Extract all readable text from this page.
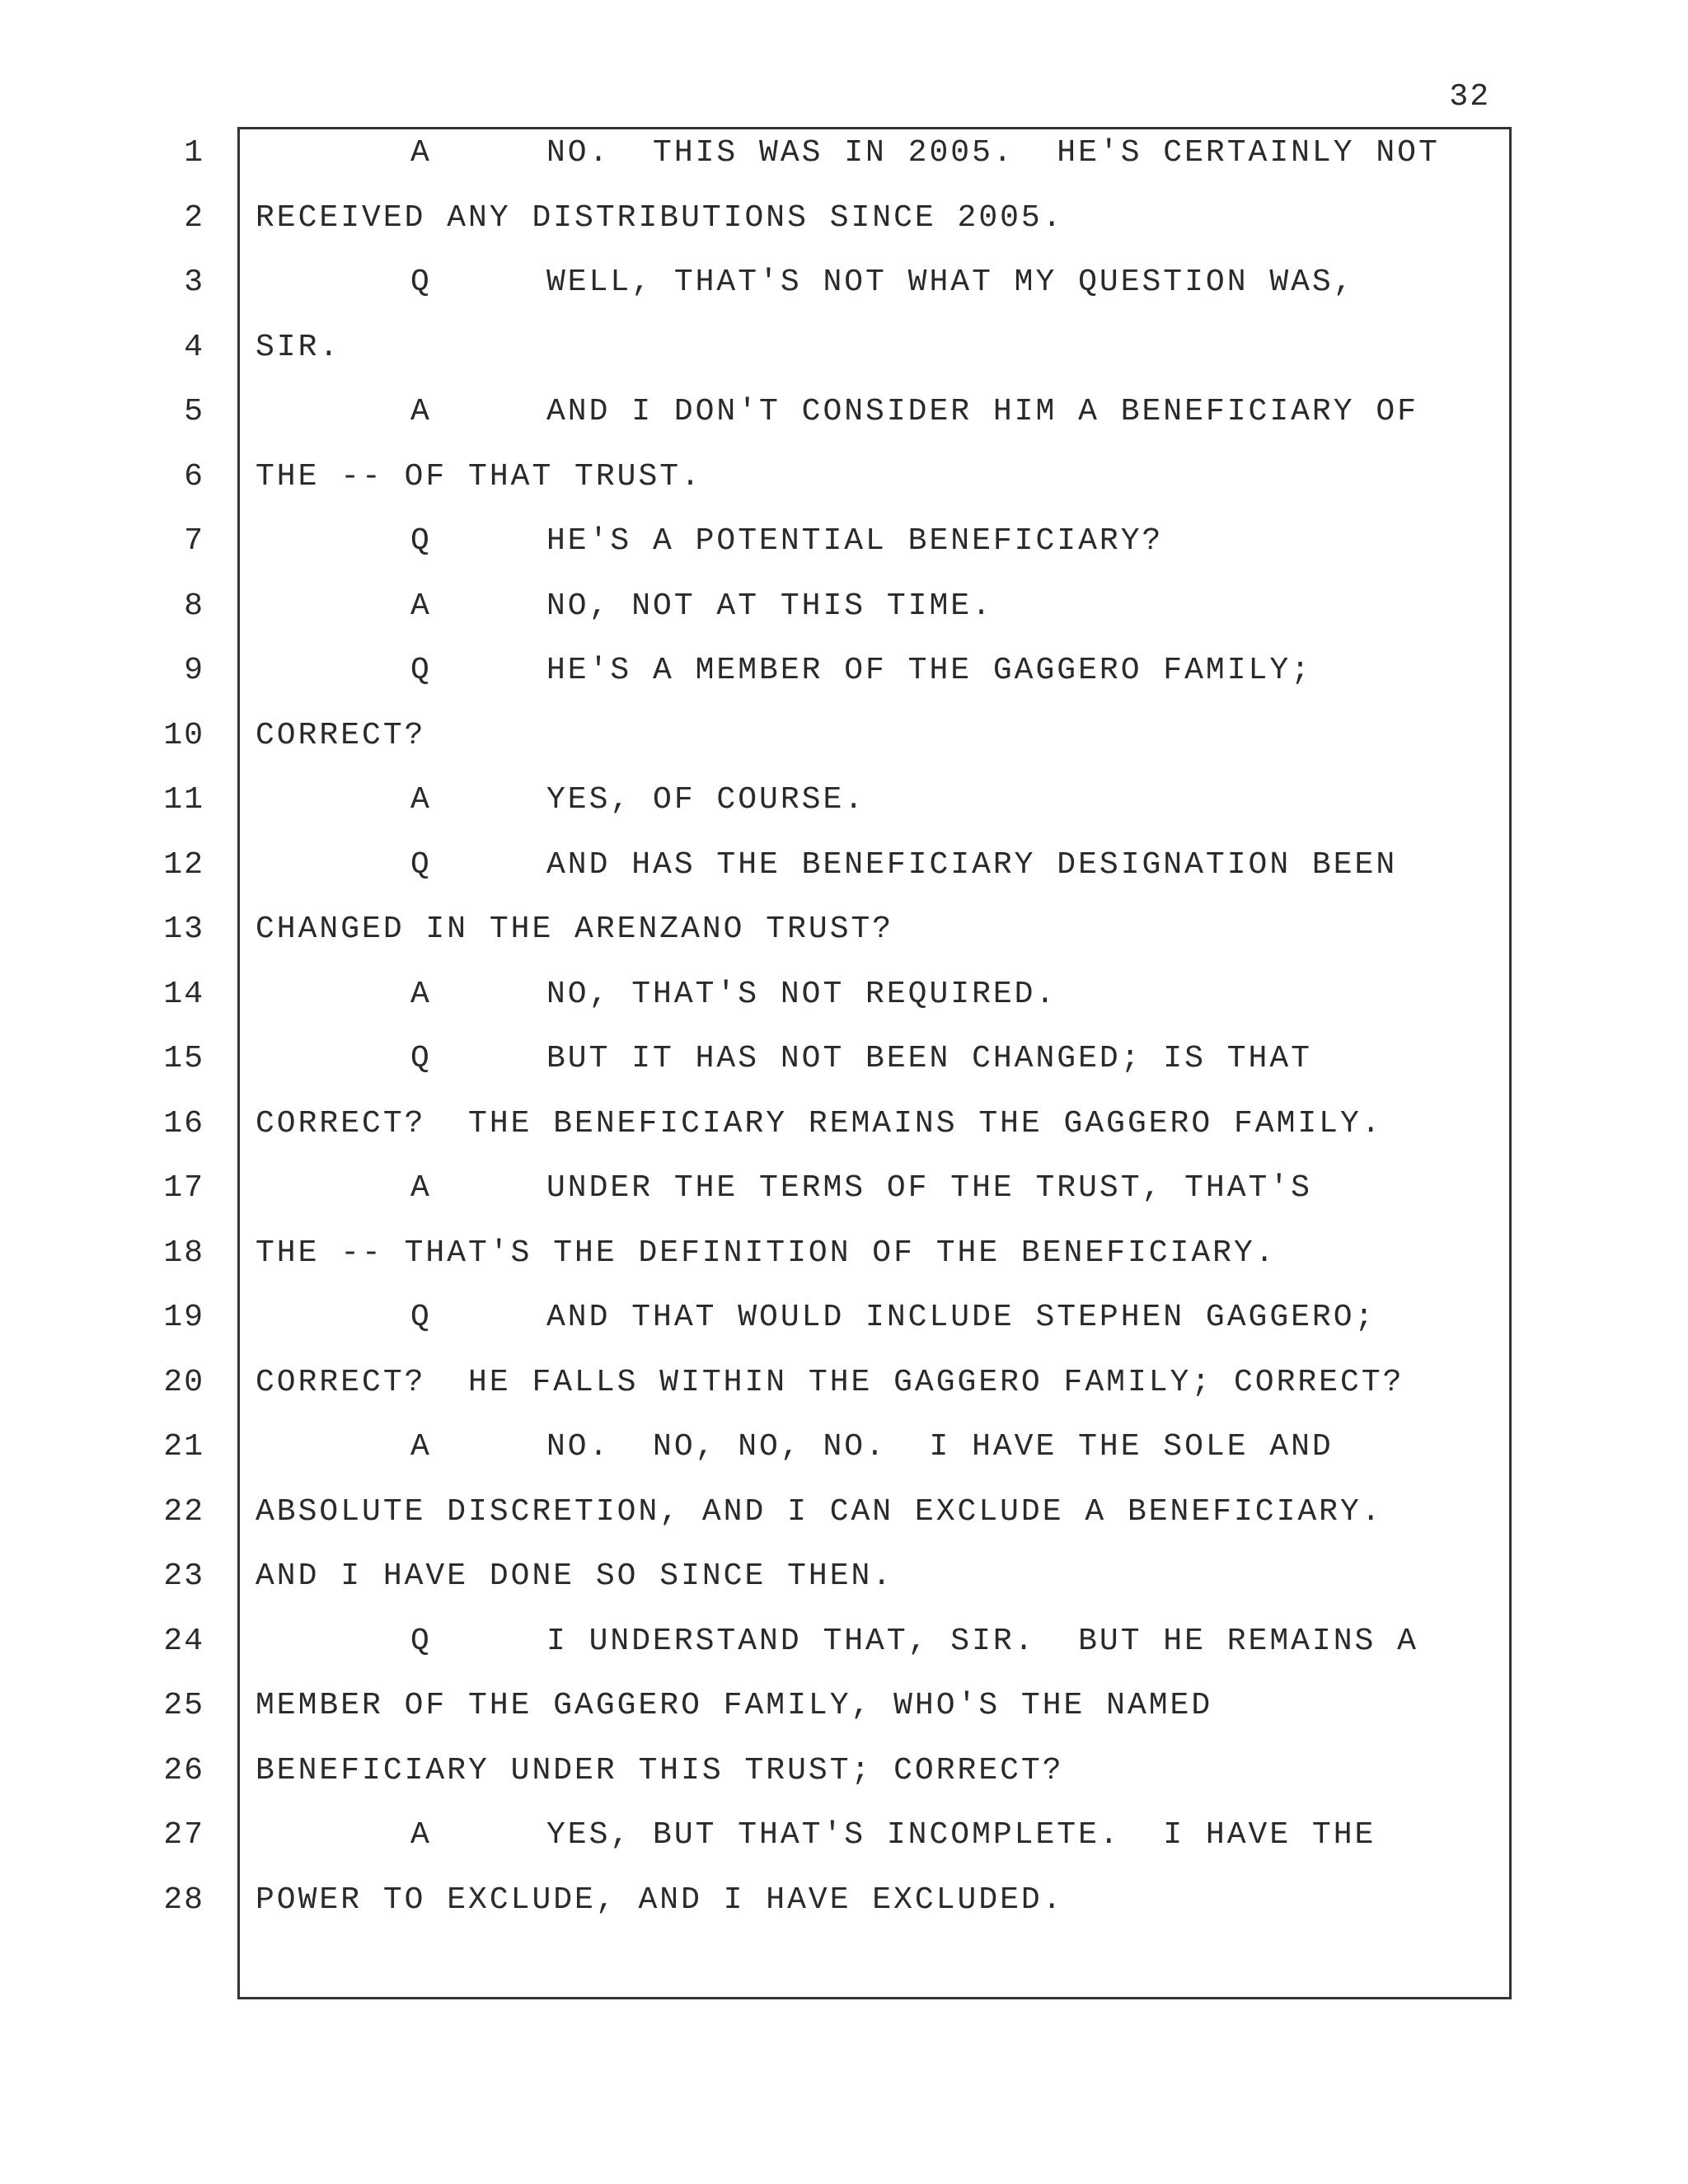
32
1	A	NO.  THIS WAS IN 2005.  HE'S CERTAINLY NOT
2 RECEIVED ANY DISTRIBUTIONS SINCE 2005.
3	Q	WELL, THAT'S NOT WHAT MY QUESTION WAS,
4 SIR.
5	A	AND I DON'T CONSIDER HIM A BENEFICIARY OF
6 THE -- OF THAT TRUST.
7	Q	HE'S A POTENTIAL BENEFICIARY?
8	A	NO, NOT AT THIS TIME.
9	Q	HE'S A MEMBER OF THE GAGGERO FAMILY;
10 CORRECT?
11	A	YES, OF COURSE.
12	Q	AND HAS THE BENEFICIARY DESIGNATION BEEN
13 CHANGED IN THE ARENZANO TRUST?
14	A	NO, THAT'S NOT REQUIRED.
15	Q	BUT IT HAS NOT BEEN CHANGED; IS THAT
16 CORRECT?  THE BENEFICIARY REMAINS THE GAGGERO FAMILY.
17	A	UNDER THE TERMS OF THE TRUST, THAT'S
18 THE -- THAT'S THE DEFINITION OF THE BENEFICIARY.
19	Q	AND THAT WOULD INCLUDE STEPHEN GAGGERO;
20 CORRECT?  HE FALLS WITHIN THE GAGGERO FAMILY; CORRECT?
21	A	NO.  NO, NO, NO.  I HAVE THE SOLE AND
22 ABSOLUTE DISCRETION, AND I CAN EXCLUDE A BENEFICIARY.
23 AND I HAVE DONE SO SINCE THEN.
24	Q	I UNDERSTAND THAT, SIR.  BUT HE REMAINS A
25 MEMBER OF THE GAGGERO FAMILY, WHO'S THE NAMED
26 BENEFICIARY UNDER THIS TRUST; CORRECT?
27	A	YES, BUT THAT'S INCOMPLETE.  I HAVE THE
28 POWER TO EXCLUDE, AND I HAVE EXCLUDED.
